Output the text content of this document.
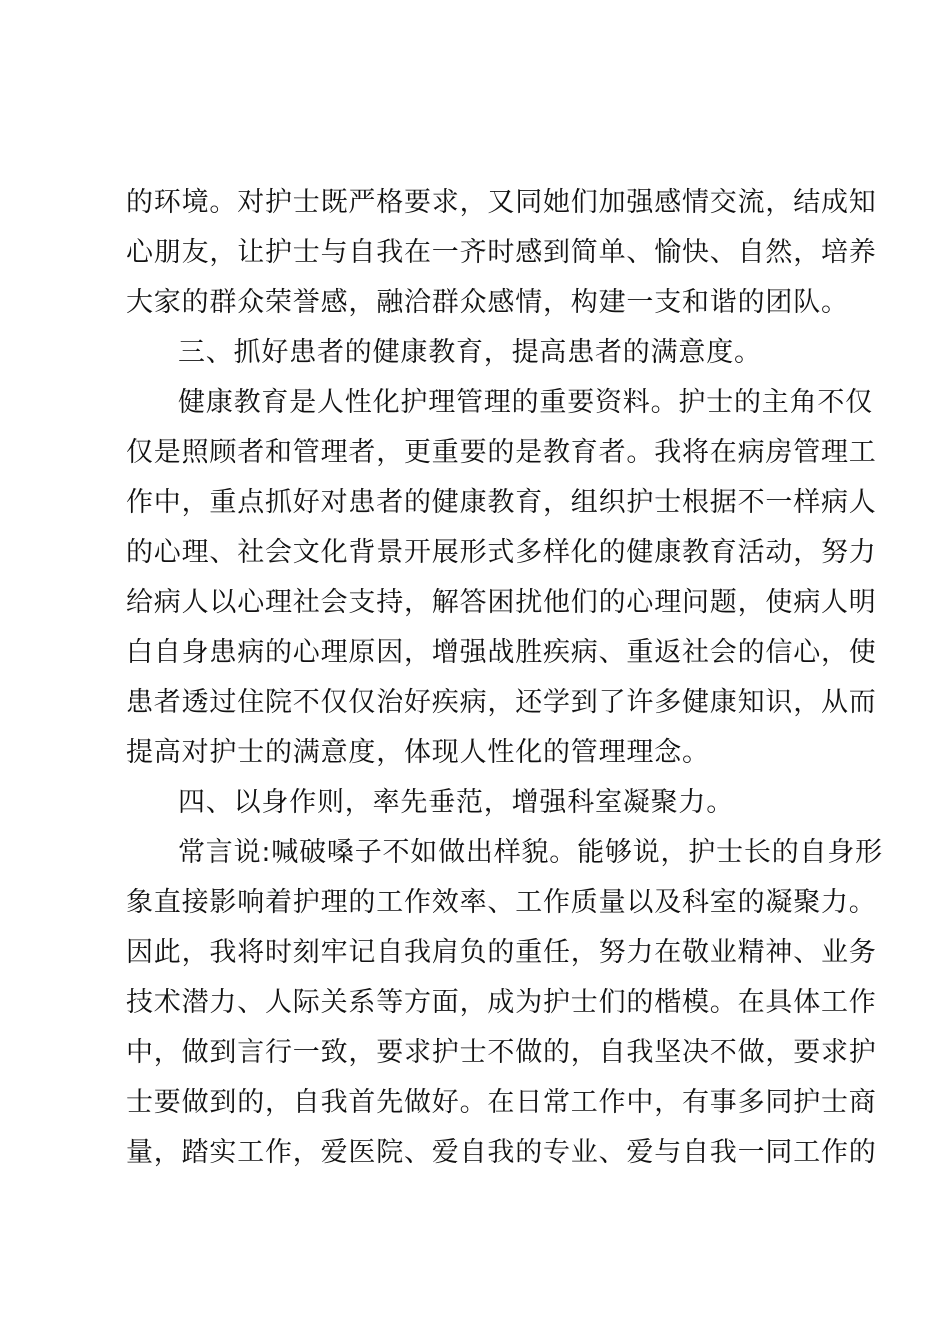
的环境。对护士既严格要求，又同她们加强感情交流，结成知
心朋友，让护士与自我在一齐时感到简单、愉快、自然，培养
大家的群众荣誉感，融洽群众感情，构建一支和谐的团队。
三、抓好患者的健康教育，提高患者的满意度。
健康教育是人性化护理管理的重要资料。护士的主角不仅
仅是照顾者和管理者，更重要的是教育者。我将在病房管理工
作中，重点抓好对患者的健康教育，组织护士根据不一样病人
的心理、社会文化背景开展形式多样化的健康教育活动，努力
给病人以心理社会支持，解答困扰他们的心理问题，使病人明
白自身患病的心理原因，增强战胜疾病、重返社会的信心，使
患者透过住院不仅仅治好疾病，还学到了许多健康知识，从而
提高对护士的满意度，体现人性化的管理理念。
四、以身作则，率先垂范，增强科室凝聚力。
常言说:喊破嗓子不如做出样貌。能够说，护士长的自身形
象直接影响着护理的工作效率、工作质量以及科室的凝聚力。
因此，我将时刻牢记自我肩负的重任，努力在敬业精神、业务
技术潜力、人际关系等方面，成为护士们的楷模。在具体工作
中，做到言行一致，要求护士不做的，自我坚决不做，要求护
士要做到的，自我首先做好。在日常工作中，有事多同护士商
量，踏实工作，爱医院、爱自我的专业、爱与自我一同工作的
